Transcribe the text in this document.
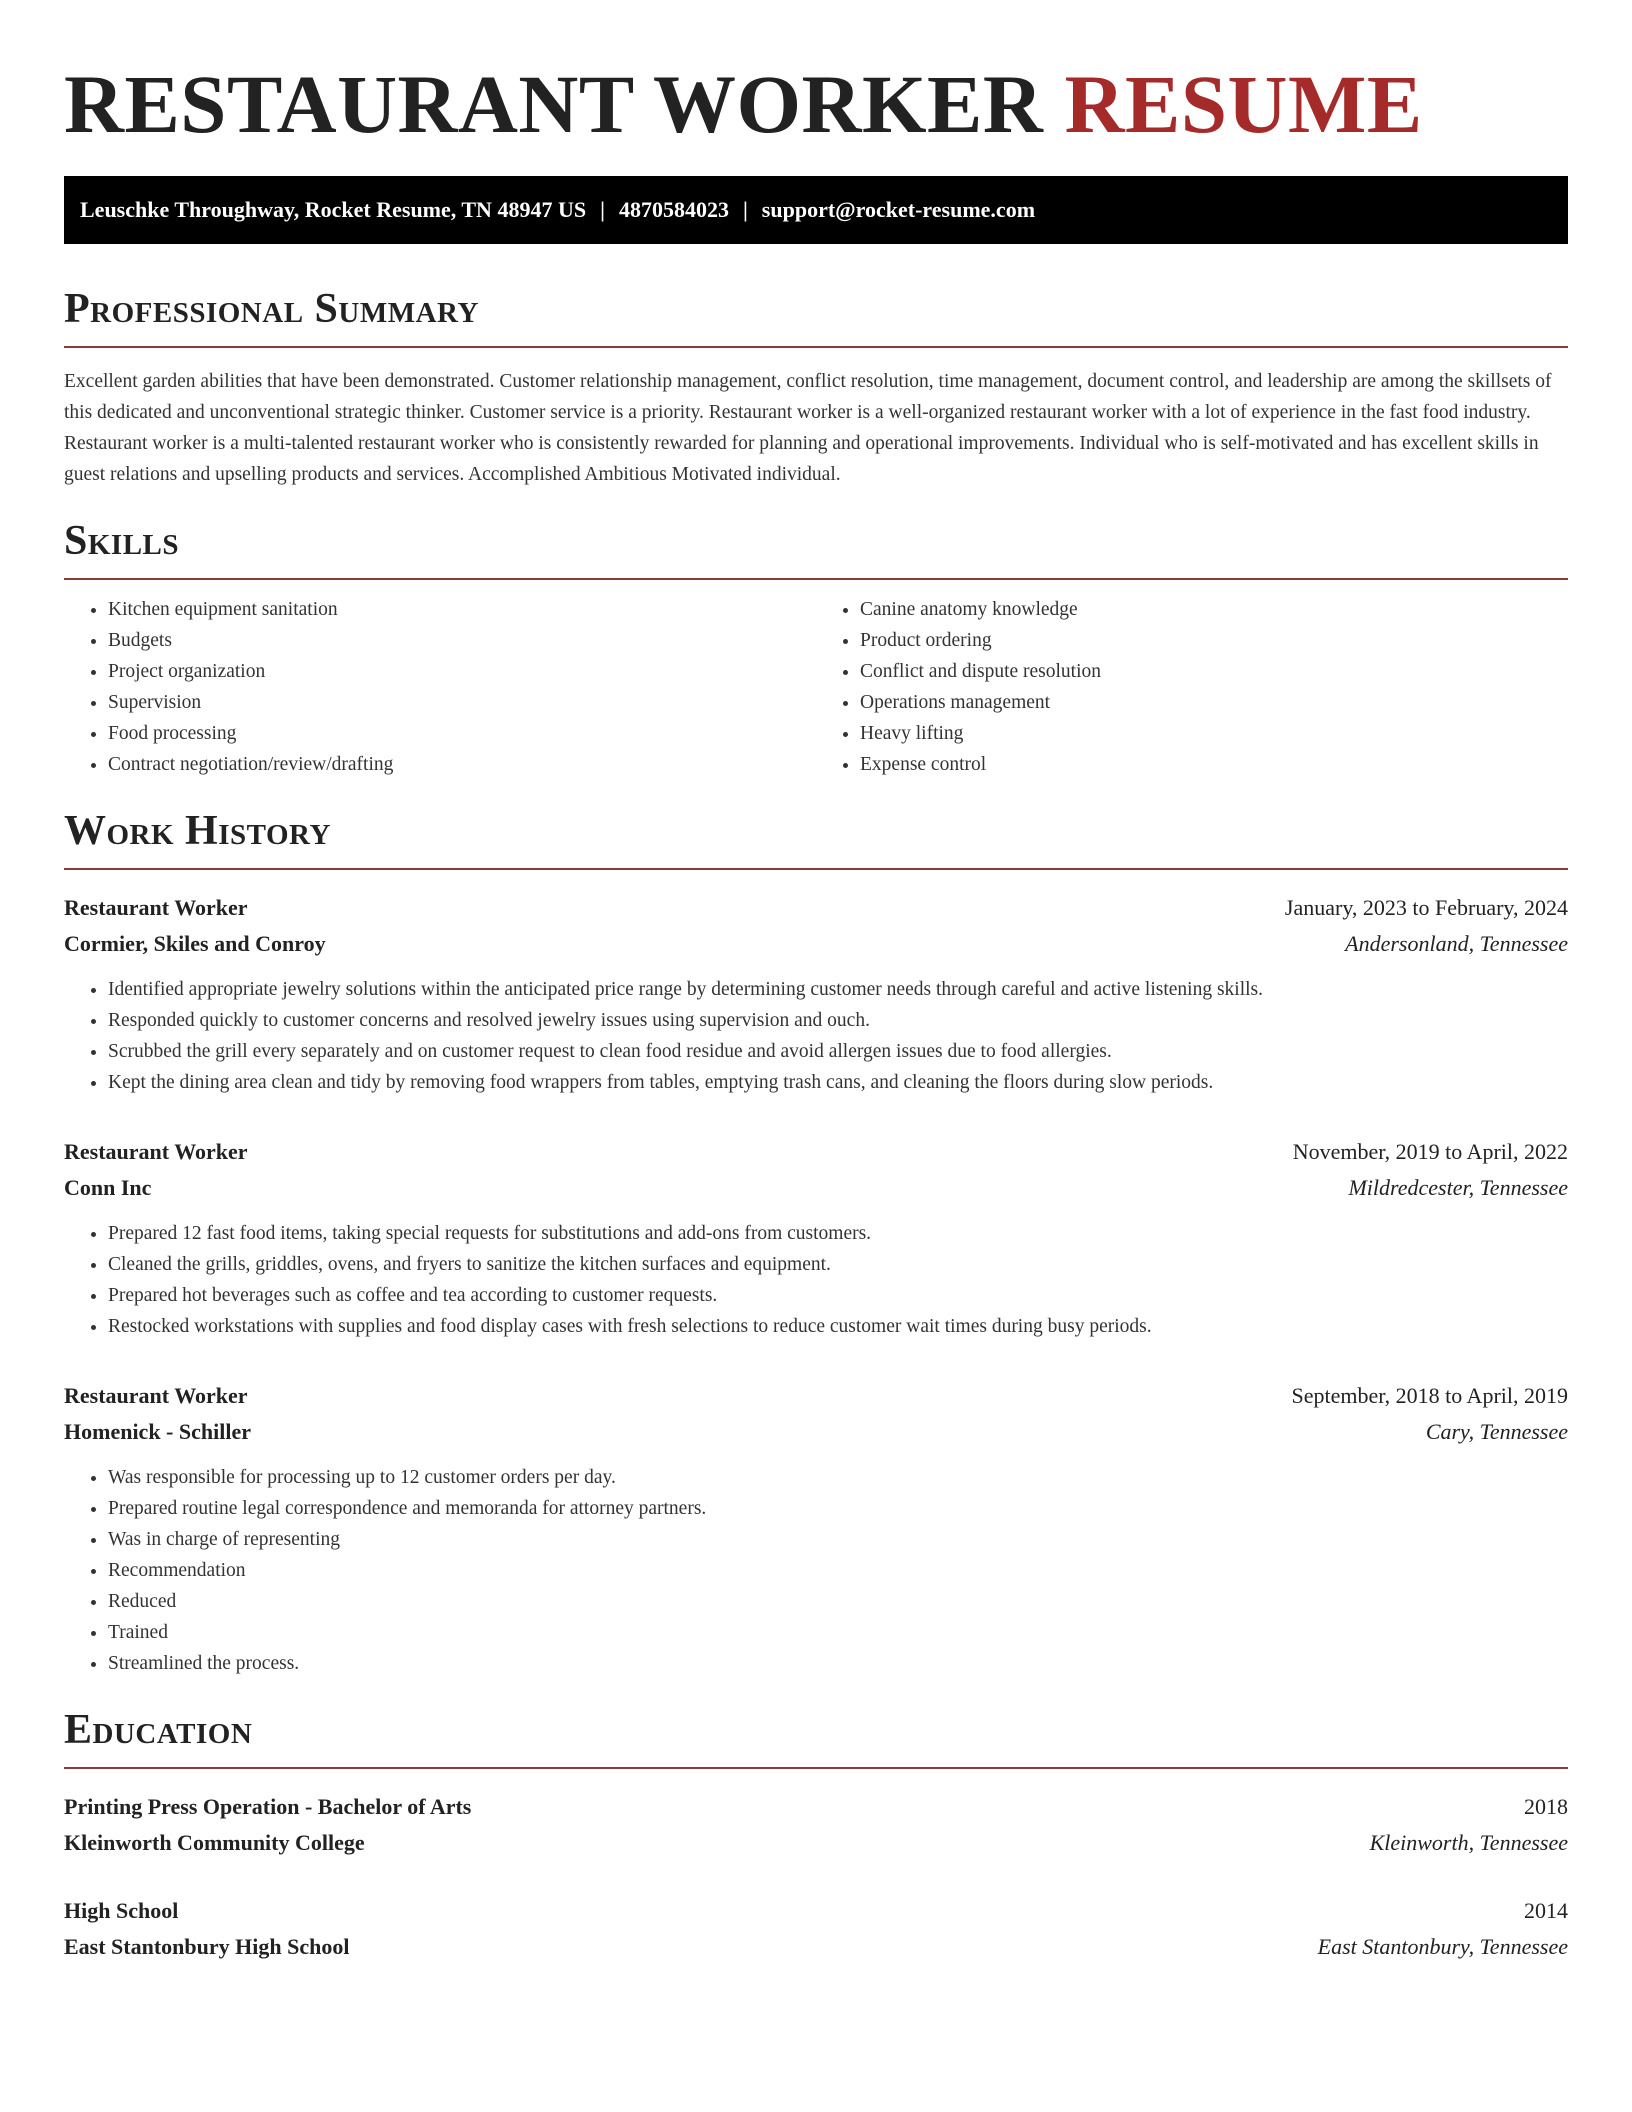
RESTAURANT WORKER RESUME
Leuschke Throughway, Rocket Resume, TN 48947 US | 4870584023 | support@rocket-resume.com
Professional Summary

Excellent garden abilities that have been demonstrated. Customer relationship management, conflict resolution, time management, document control, and leadership are among the skillsets of this dedicated and unconventional strategic thinker. Customer service is a priority. Restaurant worker is a well-organized restaurant worker with a lot of experience in the fast food industry. Restaurant worker is a multi-talented restaurant worker who is consistently rewarded for planning and operational improvements. Individual who is self-motivated and has excellent skills in guest relations and upselling products and services. Accomplished Ambitious Motivated individual.

Skills
• Kitchen equipment sanitation
• Budgets
• Project organization
• Supervision
• Food processing
• Contract negotiation/review/drafting
• Canine anatomy knowledge
• Product ordering
• Conflict and dispute resolution
• Operations management
• Heavy lifting
• Expense control
Work History
Restaurant Worker	January, 2023 to February, 2024
Cormier, Skiles and Conroy	Andersonland, Tennessee
• Identified appropriate jewelry solutions within the anticipated price range by determining customer needs through careful and active listening skills.
• Responded quickly to customer concerns and resolved jewelry issues using supervision and ouch.
• Scrubbed the grill every separately and on customer request to clean food residue and avoid allergen issues due to food allergies.
• Kept the dining area clean and tidy by removing food wrappers from tables, emptying trash cans, and cleaning the floors during slow periods.
Restaurant Worker	November, 2019 to April, 2022
Conn Inc	Mildredcester, Tennessee
• Prepared 12 fast food items, taking special requests for substitutions and add-ons from customers.
• Cleaned the grills, griddles, ovens, and fryers to sanitize the kitchen surfaces and equipment.
• Prepared hot beverages such as coffee and tea according to customer requests.
• Restocked workstations with supplies and food display cases with fresh selections to reduce customer wait times during busy periods.
Restaurant Worker	September, 2018 to April, 2019
Homenick - Schiller	Cary, Tennessee
• Was responsible for processing up to 12 customer orders per day.
• Prepared routine legal correspondence and memoranda for attorney partners.
• Was in charge of representing
• Recommendation
• Reduced
• Trained
• Streamlined the process.
Education
Printing Press Operation - Bachelor of Arts	2018
Kleinworth Community College	Kleinworth, Tennessee
High School	2014
East Stantonbury High School	East Stantonbury, Tennessee
